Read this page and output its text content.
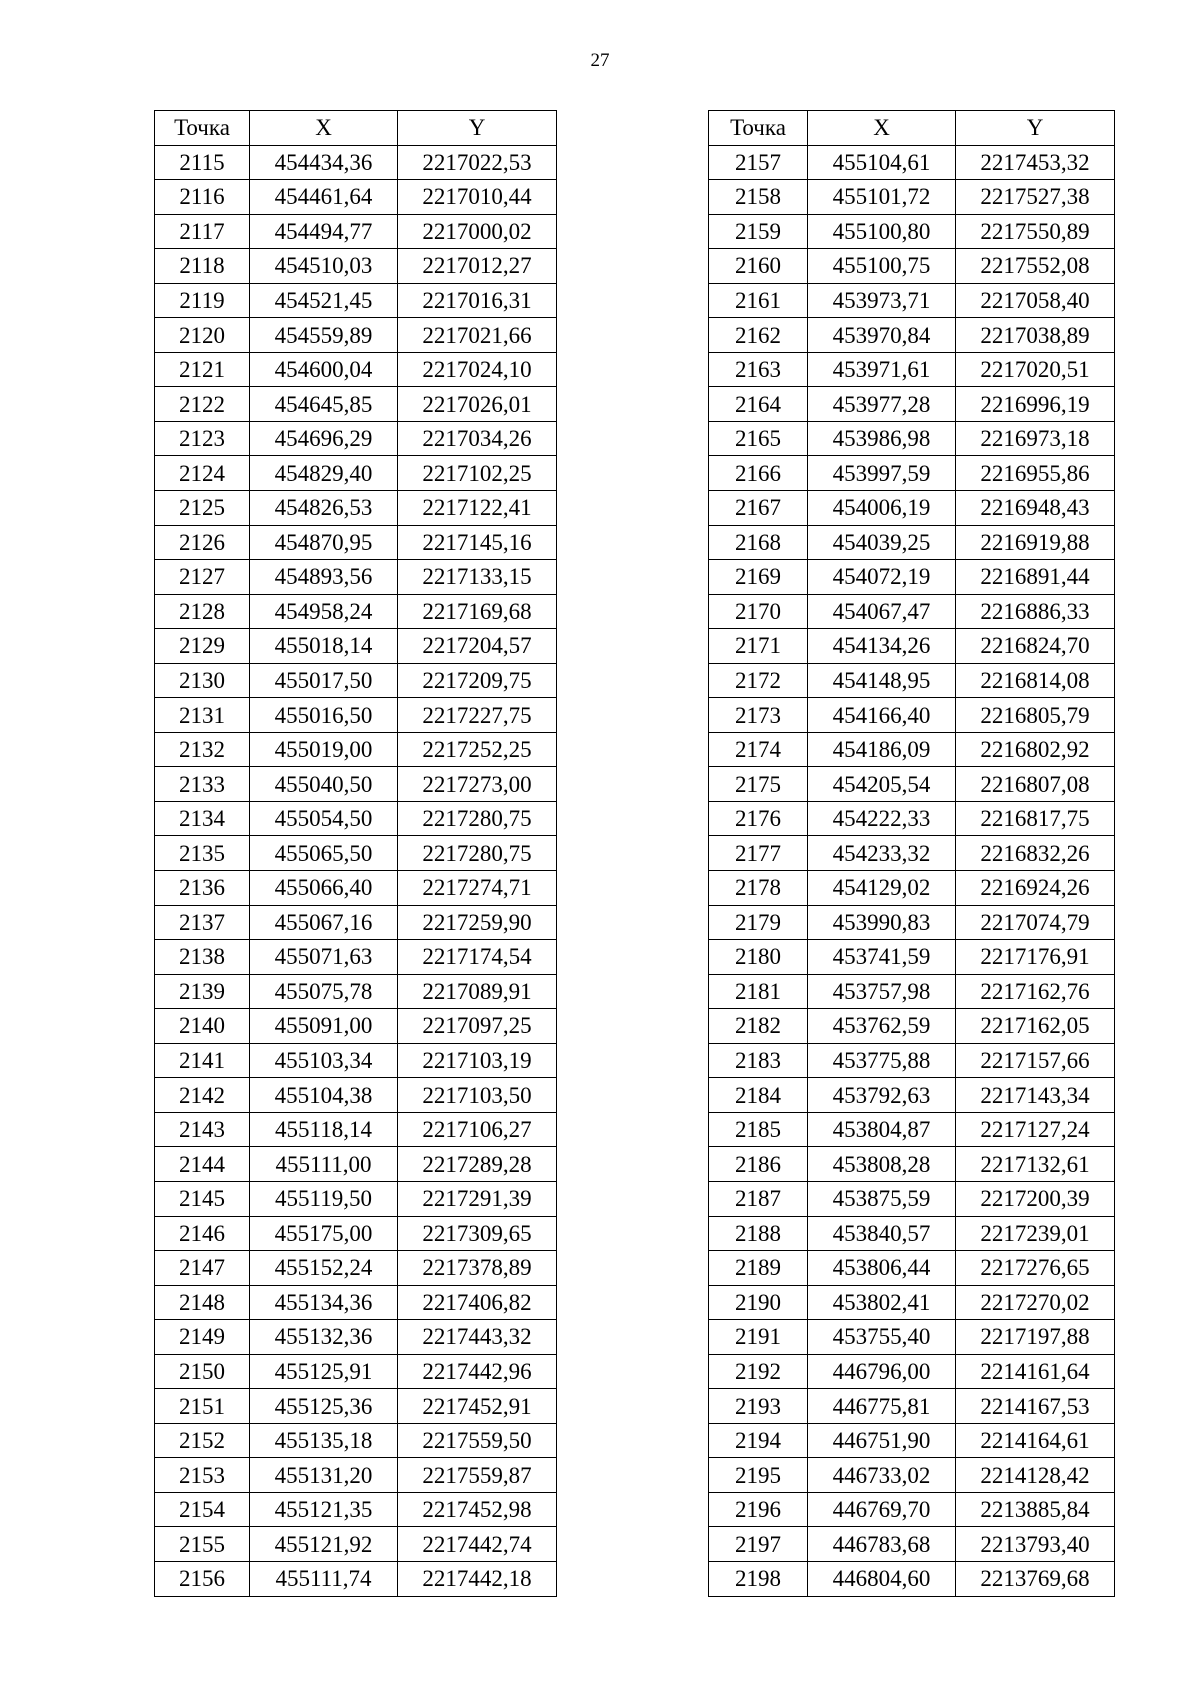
27
Точка	X	Y
2115	454434,36	2217022,53
2116	454461,64	2217010,44
2117	454494,77	2217000,02
2118	454510,03	2217012,27
2119	454521,45	2217016,31
2120	454559,89	2217021,66
2121	454600,04	2217024,10
2122	454645,85	2217026,01
2123	454696,29	2217034,26
2124	454829,40	2217102,25
2125	454826,53	2217122,41
2126	454870,95	2217145,16
2127	454893,56	2217133,15
2128	454958,24	2217169,68
2129	455018,14	2217204,57
2130	455017,50	2217209,75
2131	455016,50	2217227,75
2132	455019,00	2217252,25
2133	455040,50	2217273,00
2134	455054,50	2217280,75
2135	455065,50	2217280,75
2136	455066,40	2217274,71
2137	455067,16	2217259,90
2138	455071,63	2217174,54
2139	455075,78	2217089,91
2140	455091,00	2217097,25
2141	455103,34	2217103,19
2142	455104,38	2217103,50
2143	455118,14	2217106,27
2144	455111,00	2217289,28
2145	455119,50	2217291,39
2146	455175,00	2217309,65
2147	455152,24	2217378,89
2148	455134,36	2217406,82
2149	455132,36	2217443,32
2150	455125,91	2217442,96
2151	455125,36	2217452,91
2152	455135,18	2217559,50
2153	455131,20	2217559,87
2154	455121,35	2217452,98
2155	455121,92	2217442,74
2156	455111,74	2217442,18
Точка	X	Y
2157	455104,61	2217453,32
2158	455101,72	2217527,38
2159	455100,80	2217550,89
2160	455100,75	2217552,08
2161	453973,71	2217058,40
2162	453970,84	2217038,89
2163	453971,61	2217020,51
2164	453977,28	2216996,19
2165	453986,98	2216973,18
2166	453997,59	2216955,86
2167	454006,19	2216948,43
2168	454039,25	2216919,88
2169	454072,19	2216891,44
2170	454067,47	2216886,33
2171	454134,26	2216824,70
2172	454148,95	2216814,08
2173	454166,40	2216805,79
2174	454186,09	2216802,92
2175	454205,54	2216807,08
2176	454222,33	2216817,75
2177	454233,32	2216832,26
2178	454129,02	2216924,26
2179	453990,83	2217074,79
2180	453741,59	2217176,91
2181	453757,98	2217162,76
2182	453762,59	2217162,05
2183	453775,88	2217157,66
2184	453792,63	2217143,34
2185	453804,87	2217127,24
2186	453808,28	2217132,61
2187	453875,59	2217200,39
2188	453840,57	2217239,01
2189	453806,44	2217276,65
2190	453802,41	2217270,02
2191	453755,40	2217197,88
2192	446796,00	2214161,64
2193	446775,81	2214167,53
2194	446751,90	2214164,61
2195	446733,02	2214128,42
2196	446769,70	2213885,84
2197	446783,68	2213793,40
2198	446804,60	2213769,68
